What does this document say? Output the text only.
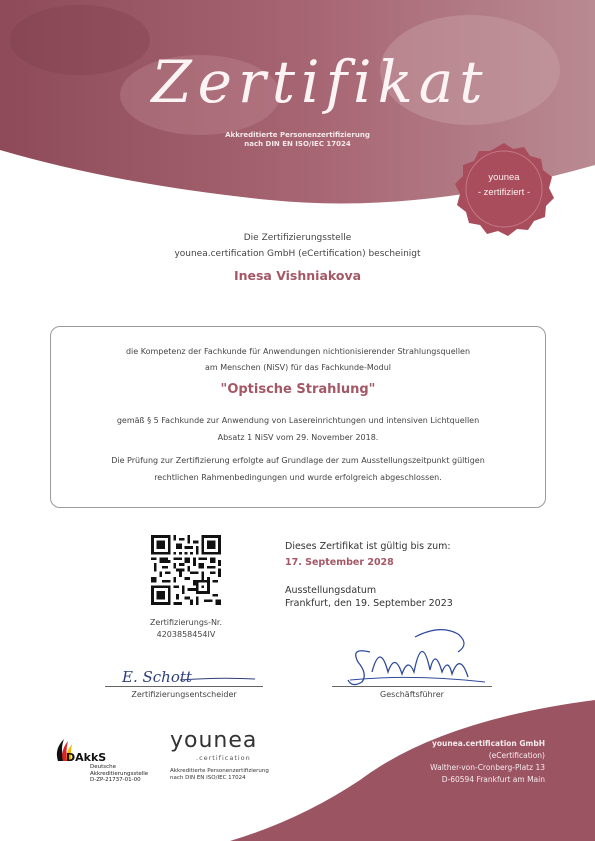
Zertifikat
Akkreditierte Personenzertifizierung
nach DIN EN ISO/IEC 17024
younea
- zertifiziert -
Die Zertifizierungsstelle
younea.certification GmbH (eCertification) bescheinigt
Inesa Vishniakova
die Kompetenz der Fachkunde für Anwendungen nichtionisierender Strahlungsquellen
am Menschen (NiSV) für das Fachkunde-Modul
"Optische Strahlung"
gemäß § 5 Fachkunde zur Anwendung von Lasereinrichtungen und intensiven Lichtquellen
Absatz 1 NiSV vom 29. November 2018.
Die Prüfung zur Zertifizierung erfolgte auf Grundlage der zum Ausstellungszeitpunkt gültigen
rechtlichen Rahmenbedingungen und wurde erfolgreich abgeschlossen.
Zertifizierungs-Nr.
4203858454IV
Dieses Zertifikat ist gültig bis zum:
17. September 2028
Ausstellungsdatum
Frankfurt, den 19. September 2023
E. Schott
Zertifizierungsentscheider	Geschäftsführer
DAkkS
Deutsche
Akkreditierungsstelle
D-ZP-21737-01-00
younea
.certification
Akkreditierte Personenzertifizierung
nach DIN EN ISO/IEC 17024
younea.certification GmbH
(eCertification)
Walther-von-Cronberg-Platz 13
D-60594 Frankfurt am Main
